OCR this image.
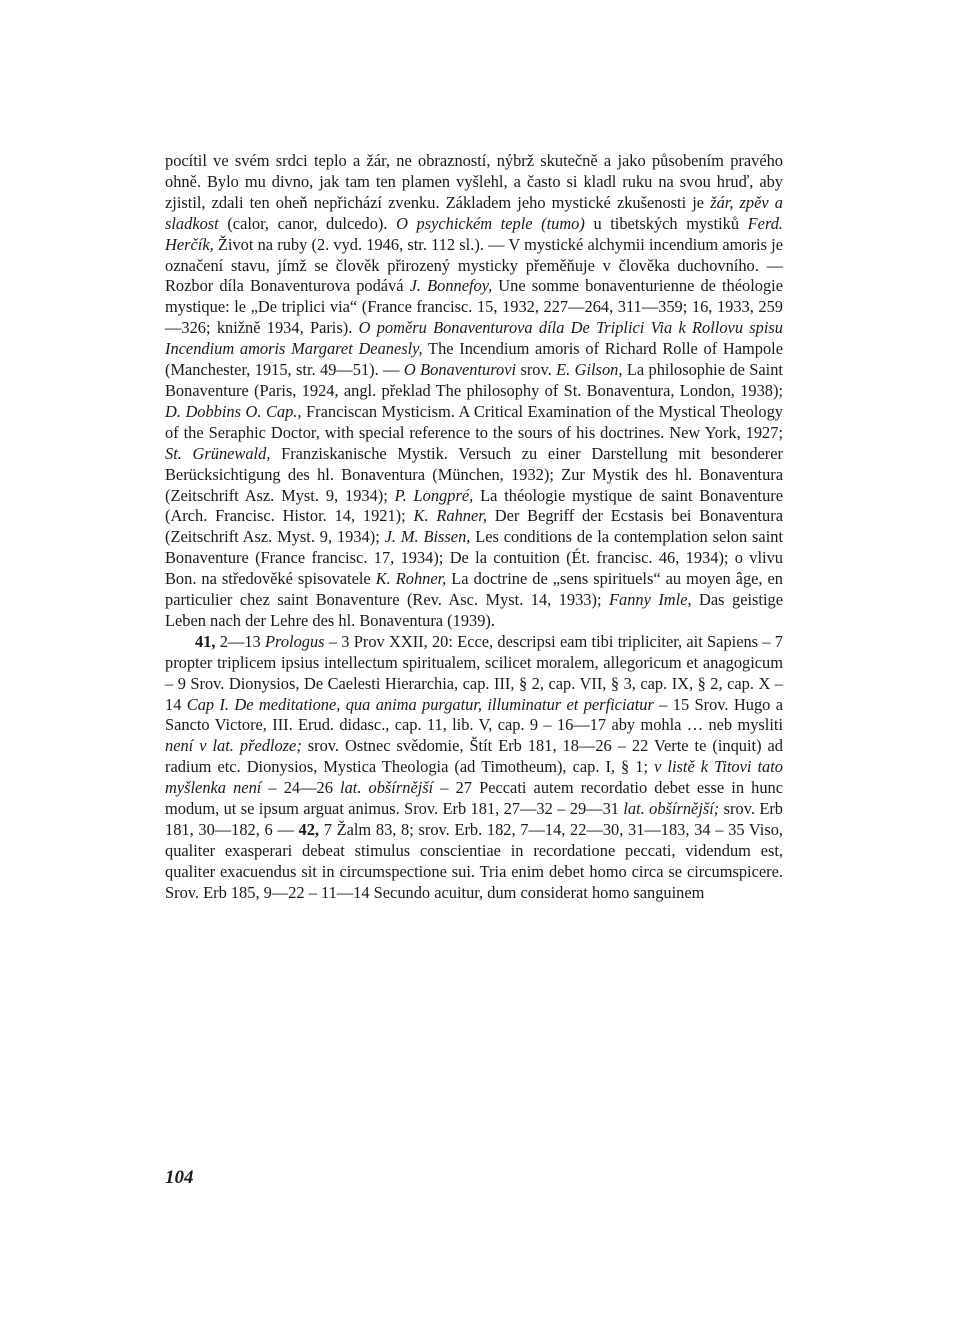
pocítil ve svém srdci teplo a žár, ne obrazností, nýbrž skutečně a jako působením pravého ohně. Bylo mu divno, jak tam ten plamen vyšlehl, a často si kladl ruku na svou hruď, aby zjistil, zdali ten oheň nepřichází zvenku. Základem jeho mystické zkušenosti je žár, zpěv a sladkost (calor, canor, dulcedo). O psychickém teple (tumo) u tibetských mystiků Ferd. Herčík, Život na ruby (2. vyd. 1946, str. 112 sl.). — V mystické alchymii incendium amoris je označení stavu, jímž se člověk přirozený mysticky přeměňuje v člověka duchovního. — Rozbor díla Bonaventurova podává J. Bonnefoy, Une somme bonaventurienne de théologie mystique: le „De triplici via“ (France francisc. 15, 1932, 227—264, 311—359; 16, 1933, 259—326; knižně 1934, Paris). O poměru Bonaventurova díla De Triplici Via k Rollovu spisu Incendium amoris Margaret Deanesly, The Incendium amoris of Richard Rolle of Hampole (Manchester, 1915, str. 49—51). — O Bonaventurovi srov. E. Gilson, La philosophie de Saint Bonaventure (Paris, 1924, angl. překlad The philosophy of St. Bonaventura, London, 1938); D. Dobbins O. Cap., Franciscan Mysticism. A Critical Examination of the Mystical Theology of the Seraphic Doctor, with special reference to the sours of his doctrines. New York, 1927; St. Grünewald, Franziskanische Mystik. Versuch zu einer Darstellung mit besonderer Berücksichtigung des hl. Bonaventura (München, 1932); Zur Mystik des hl. Bonaventura (Zeitschrift Asz. Myst. 9, 1934); P. Longpré, La théologie mystique de saint Bonaventure (Arch. Francisc. Histor. 14, 1921); K. Rahner, Der Begriff der Ecstasis bei Bonaventura (Zeitschrift Asz. Myst. 9, 1934); J. M. Bissen, Les conditions de la contemplation selon saint Bonaventure (France francisc. 17, 1934); De la contuition (Ét. francisc. 46, 1934); o vlivu Bon. na středověké spisovatele K. Rohner, La doctrine de „sens spirituels“ au moyen âge, en particulier chez saint Bonaventure (Rev. Asc. Myst. 14, 1933); Fanny Imle, Das geistige Leben nach der Lehre des hl. Bonaventura (1939).

41, 2—13 Prologus – 3 Prov XXII, 20: Ecce, descripsi eam tibi tripliciter, ait Sapiens – 7 propter triplicem ipsius intellectum spiritualem, scilicet moralem, allegoricum et anagogicum – 9 Srov. Dionysios, De Caelesti Hierarchia, cap. III, § 2, cap. VII, § 3, cap. IX, § 2, cap. X – 14 Cap I. De meditatione, qua anima purgatur, illuminatur et perficiatur – 15 Srov. Hugo a Sancto Victore, III. Erud. didasc., cap. 11, lib. V, cap. 9 – 16—17 aby mohla … neb mysliti není v lat. předloze; srov. Ostnec svědomie, Štít Erb 181, 18—26 – 22 Verte te (inquit) ad radium etc. Dionysios, Mystica Theologia (ad Timotheum), cap. I, § 1; v listě k Titovi tato myšlenka není – 24—26 lat. obšírnější – 27 Peccati autem recordatio debet esse in hunc modum, ut se ipsum arguat animus. Srov. Erb 181, 27—32 – 29—31 lat. obšírnější; srov. Erb 181, 30—182, 6 — 42, 7 Žalm 83, 8; srov. Erb. 182, 7—14, 22—30, 31—183, 34 – 35 Viso, qualiter exasperari debeat stimulus conscientiae in recordatione peccati, videndum est, qualiter exacuendus sit in circumspectione sui. Tria enim debet homo circa se circumspicere. Srov. Erb 185, 9—22 – 11—14 Secundo acuitur, dum considerat homo sanguinem

104
